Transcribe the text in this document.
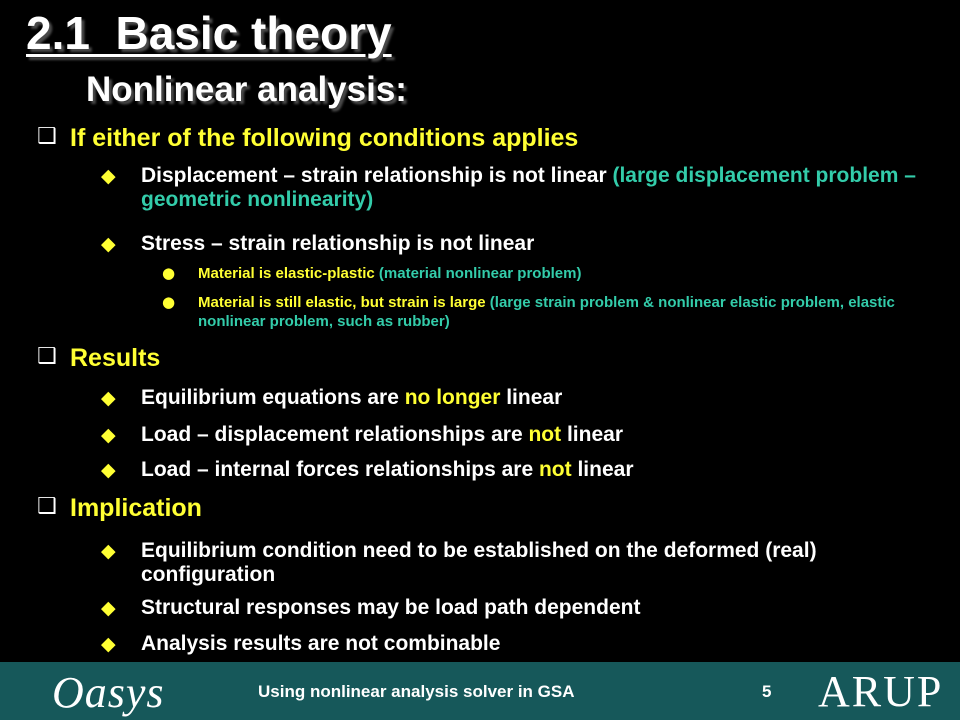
2.1  Basic theory
Nonlinear analysis:
❑ If either of the following conditions applies
◆ Displacement – strain relationship is not linear (large displacement problem – geometric nonlinearity)
◆ Stress – strain relationship is not linear
● Material is elastic-plastic (material nonlinear problem)
● Material is still elastic, but strain is large (large strain problem & nonlinear elastic problem, elastic nonlinear problem, such as rubber)
❑ Results
◆ Equilibrium equations are no longer linear
◆ Load – displacement relationships are not linear
◆ Load – internal forces relationships are not linear
❑ Implication
◆ Equilibrium condition need to be established on the deformed (real) configuration
◆ Structural responses may be load path dependent
◆ Analysis results are not combinable
Oasys	Using nonlinear analysis solver in GSA	5 ARUP
